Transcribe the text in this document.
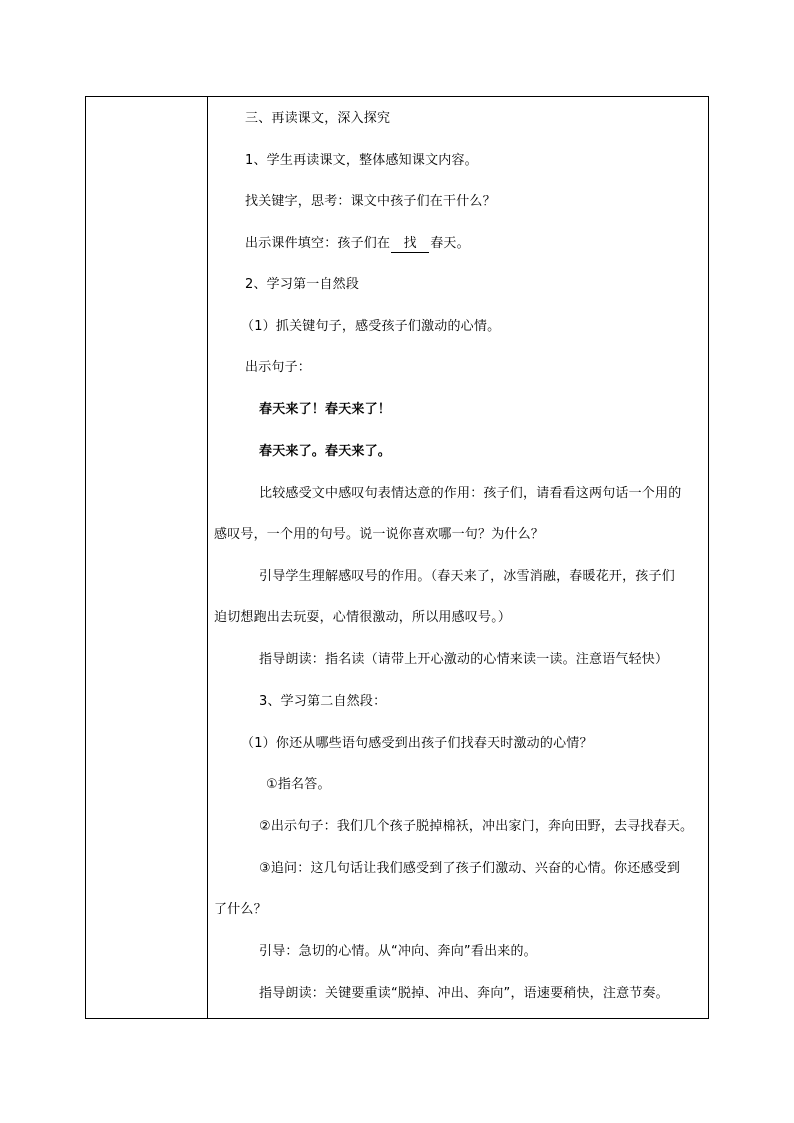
三、再读课文，深入探究
1、学生再读课文，整体感知课文内容。
找关键字，思考：课文中孩子们在干什么？
出示课件填空：孩子们在 找 春天。
2、学习第一自然段
（1）抓关键句子，感受孩子们激动的心情。
出示句子：
春天来了！春天来了！
春天来了。春天来了。
比较感受文中感叹句表情达意的作用：孩子们，请看看这两句话一个用的
感叹号，一个用的句号。说一说你喜欢哪一句？为什么？
引导学生理解感叹号的作用。（春天来了，冰雪消融，春暖花开，孩子们
迫切想跑出去玩耍，心情很激动，所以用感叹号。）
指导朗读：指名读（请带上开心激动的心情来读一读。注意语气轻快）
3、学习第二自然段：
（1）你还从哪些语句感受到出孩子们找春天时激动的心情？
①指名答。
②出示句子：我们几个孩子脱掉棉袄，冲出家门，奔向田野，去寻找春天。
③追问：这几句话让我们感受到了孩子们激动、兴奋的心情。你还感受到
了什么？
引导：急切的心情。从“冲向、奔向”看出来的。
指导朗读：关键要重读“脱掉、冲出、奔向”，语速要稍快，注意节奏。
